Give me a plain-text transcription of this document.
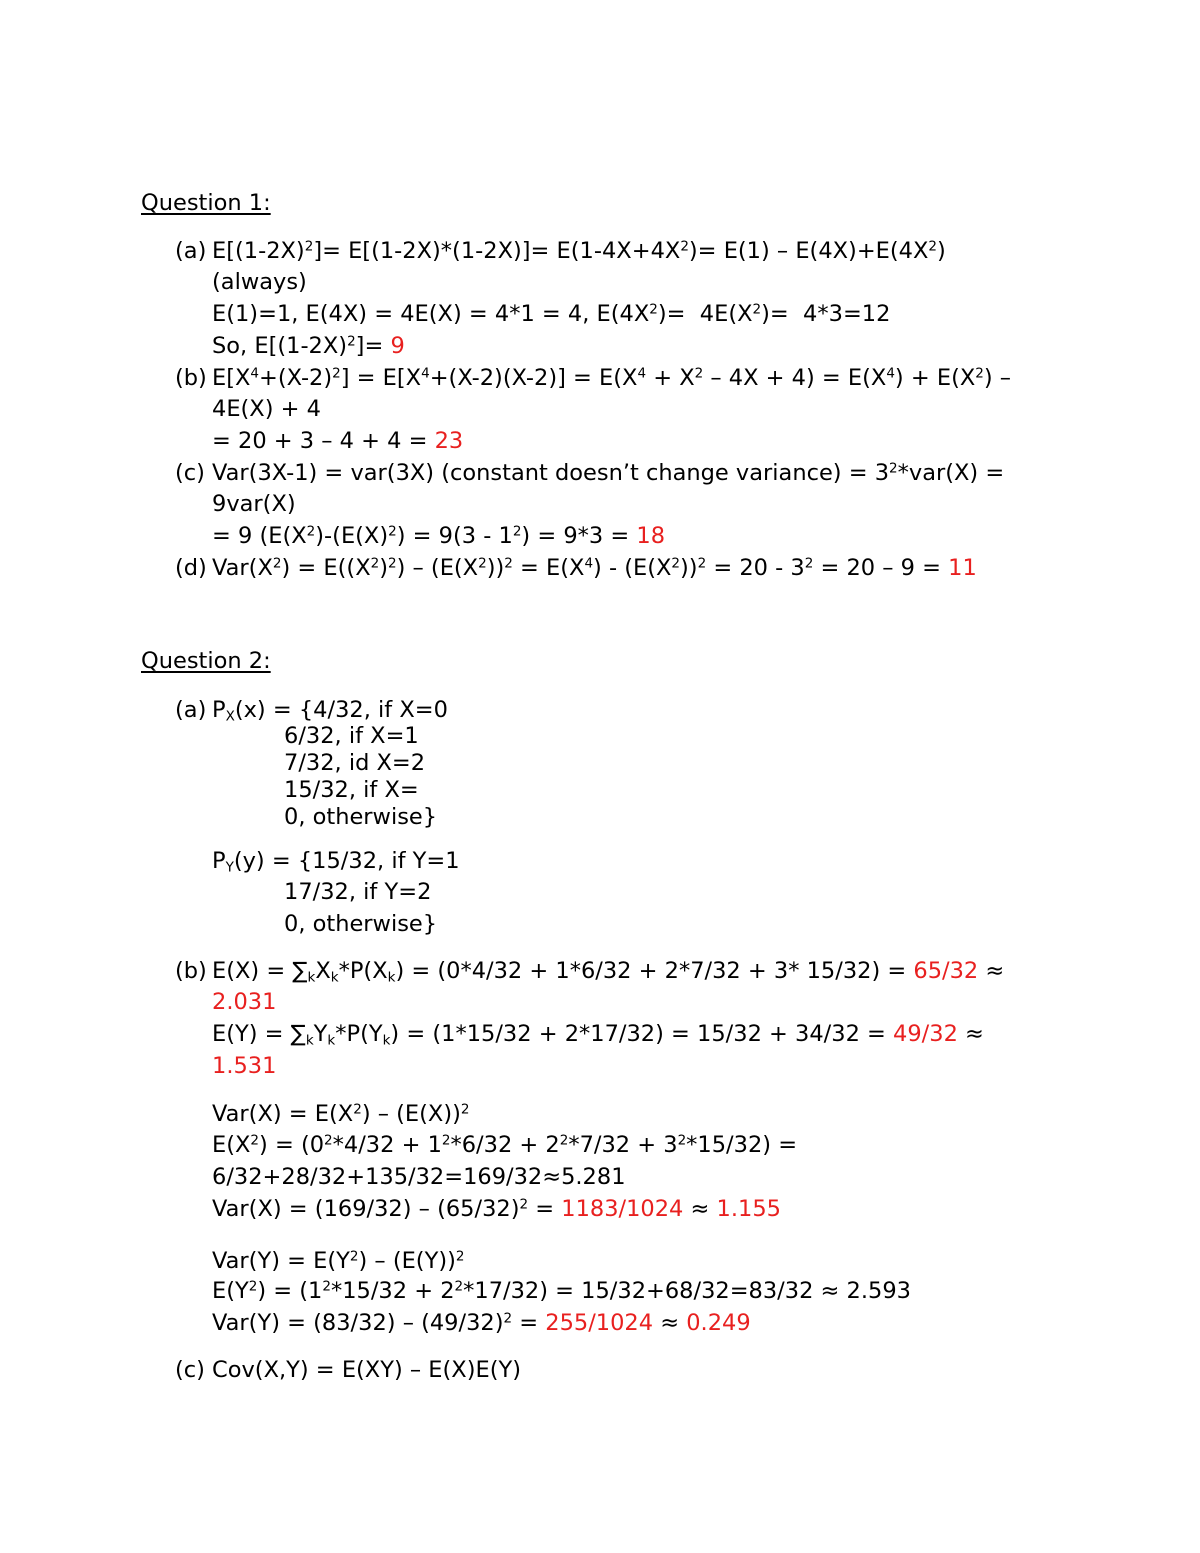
Question 1:
(a) $E[(1-2X)^2]= E[(1-2X)*(1-2X)]= E(1-4X+4X^2)= E(1) - E(4X)+E(4X^2)$
(always)
E(1)=1, E(4X) = 4E(X) = 4*1 = 4, $E(4X^2)= 4E(X^2)= 4*3=12$
So, $E[(1-2X)^2]= 9$
(b) $E[X^4+(X-2)^2] = E[X^4+(X-2)(X-2)] = E(X^4 + X^2 - 4X + 4) = E(X^4) + E(X^2)$ –
4E(X) + 4
= 20 + 3 – 4 + 4 = 23
(c) Var(3X-1) = var(3X) (constant doesn’t change variance) = $3^2*var(X)$ =
9var(X)
= 9 ($E(X^2)-(E(X)^2) = 9(3 - 1^2) = 9*3 = 18$
(d) $Var(X^2) = E((X^2)^2) - (E(X^2))^2 = E(X^4) - (E(X^2))^2 = 20 - 3^2 = 20 - 9 = 11$
Question 2:
(a) $P_X(x) = \{4/32$, if X=0
6/32, if X=1
7/32, id X=2
15/32, if X=
0, otherwise}
$P_Y(y) = \{15/32$, if Y=1
17/32, if Y=2
0, otherwise}
(b) $E(X) = \sum_kX_k*P(X_k) = (0*4/32 + 1*6/32 + 2*7/32 + 3*$ 15/32) = 65/32 ≈
2.031
$E(Y) = \sum_kY_k*P(Y_k) = (1*15/32 + 2*17/32) = 15/32 + 34/32 = 49/32$ ≈
1.531
$Var(X) = E(X^2) - (E(X))^2$
$E(X^2) = (0^2*4/32 + 1^2*6/32 + 2^2*7/32 + 3^2*15/32)$ =
6/32+28/32+135/32=169/32≈5.281
$Var(X) = (169/32) - (65/32)^2 = 1183/1024 \approx 1.155$
$Var(Y) = E(Y^2) - (E(Y))^2$
$E(Y^2) = (1^2*15/32 + 2^2*17/32) = 15/32+68/32=83/32 \approx 2.593$
$Var(Y) = (83/32) - (49/32)^2 = 255/1024 \approx 0.249$
(c) Cov(X,Y) = E(XY) – E(X)E(Y)
